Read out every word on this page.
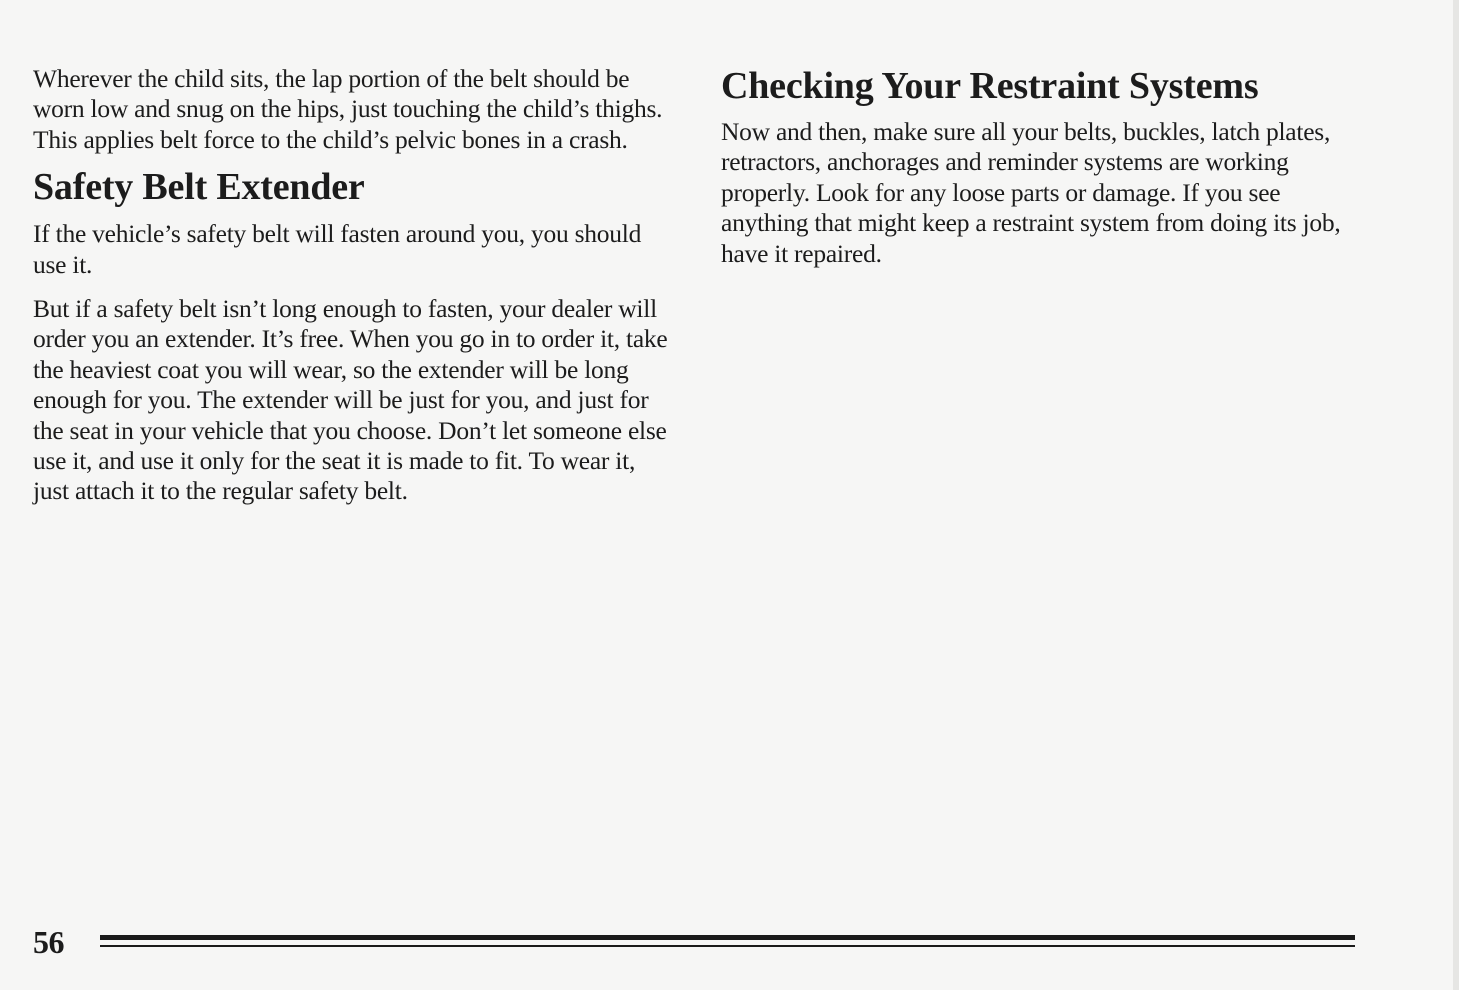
Wherever the child sits, the lap portion of the belt should be worn low and snug on the hips, just touching the child’s thighs. This applies belt force to the child’s pelvic bones in a crash.

Safety Belt Extender

If the vehicle’s safety belt will fasten around you, you should use it.

But if a safety belt isn’t long enough to fasten, your dealer will order you an extender. It’s free. When you go in to order it, take the heaviest coat you will wear, so the extender will be long enough for you. The extender will be just for you, and just for the seat in your vehicle that you choose. Don’t let someone else use it, and use it only for the seat it is made to fit. To wear it, just attach it to the regular safety belt.

Checking Your Restraint Systems

Now and then, make sure all your belts, buckles, latch plates, retractors, anchorages and reminder systems are working properly. Look for any loose parts or damage. If you see anything that might keep a restraint system from doing its job, have it repaired.

56
